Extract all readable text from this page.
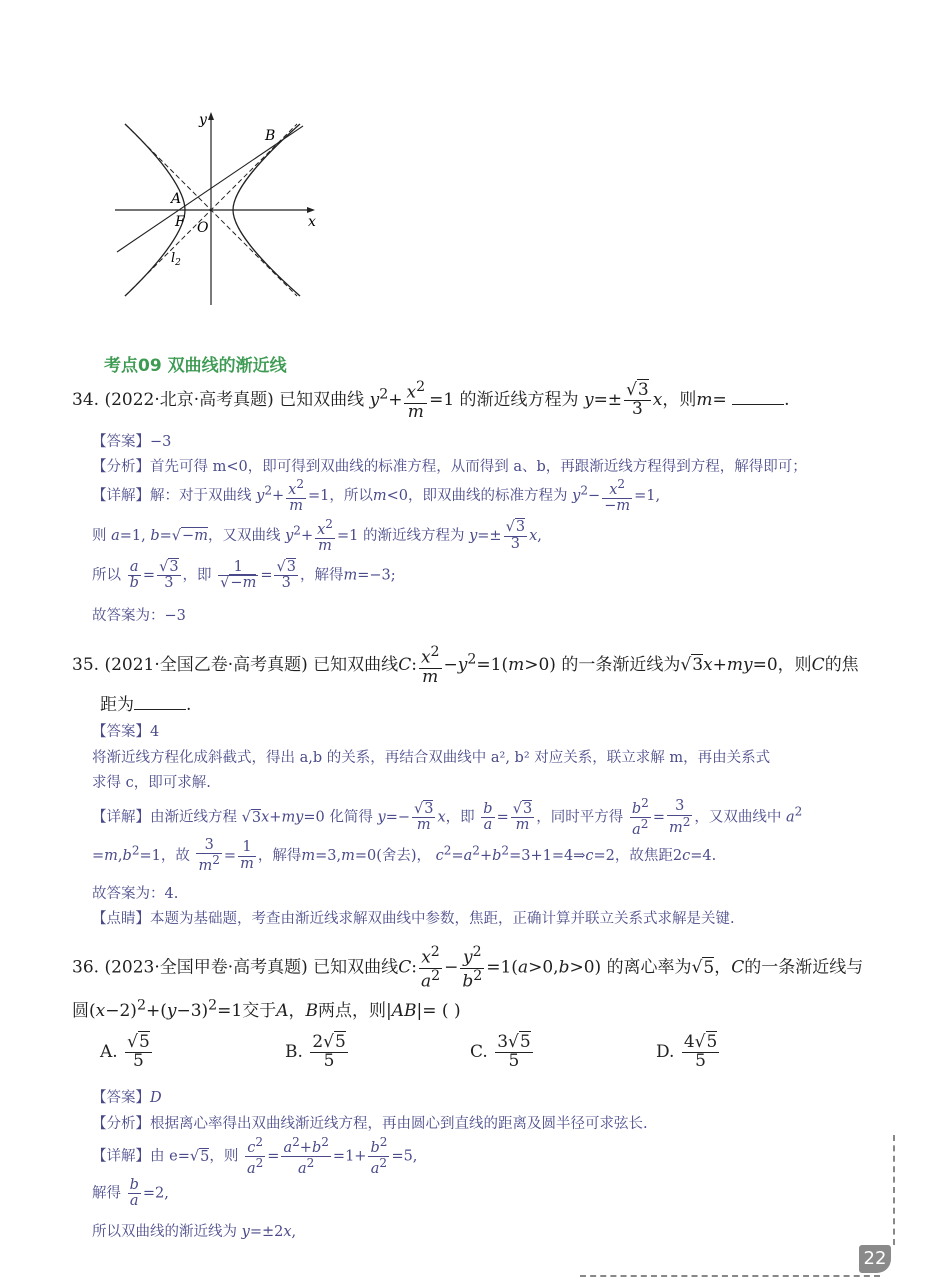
y
x
B
A
F O
$l_2$
考点09 双曲线的渐近线
34. (2022·北京·高考真题) 已知双曲线 $y^2+ \frac{x^2}{m} =1$ 的渐近线方程为 $y=\pm \frac{√3}{3}$ x，则m=	.
【答案】−3
【分析】首先可得 m<0，即可得到双曲线的标准方程，从而得到 a、b，再跟渐近线方程得到方程，解得即可；
【详解】解：对于双曲线 $y^2+ \frac{x^2}{m} =1$，所以m<0，即双曲线的标准方程为 $y^2- \frac{x^2}{-m} =1$,
则 a=1, b=√−m，又双曲线 $y^2+ \frac{x^2}{m} =1$ 的渐近线方程为 $y=\pm \frac{√3}{3} x$,
所以 $\frac{a}{b} = \frac{√3}{3}$ ，即 $\frac{1}{√-m} = \frac{√3}{3}$ ，解得m=−3;
故答案为：−3
35. (2021·全国乙卷·高考真题) 已知双曲线C: $\frac{x^2}{m} -y^2=1(m>0)$ 的一条渐近线为√3x+my=0，则C的焦
距为	.
【答案】4
将渐近线方程化成斜截式，得出 a,b 的关系，再结合双曲线中 a², b² 对应关系，联立求解 m，再由关系式
求得 c，即可求解.
【详解】由渐近线方程 √3x+my=0 化简得 $y=- \frac{√3}{m}$ x，即 $\frac{b}{a} = \frac{√3}{m}$ ，同时平方得 $\frac{b^2}{a^2} = \frac{3}{m^2}$ ，又双曲线中 $a^2$
$=m,b^2=1$，故 $\frac{3}{m^2} = \frac{1}{m}$ ，解得m=3,m=0(舍去)， $c^2=a^2+b^2=3+1=4\Rightarrow c=2$，故焦距2c=4.
故答案为：4.
【点睛】本题为基础题，考查由渐近线求解双曲线中参数，焦距，正确计算并联立关系式求解是关键.
36. (2023·全国甲卷·高考真题) 已知双曲线C: $\frac{x^2}{a^2} - \frac{y^2}{b^2} =1(a>0,b>0)$ 的离心率为√5，C的一条渐近线与
圆$(x-2)^2+(y-3)^2=1$交于A，B两点，则|AB|= ( )
A. $\frac{√5}{5}$	B. $\frac{2√5}{5}$	C. $\frac{3√5}{5}$	D. $\frac{4√5}{5}$
【答案】D
【分析】根据离心率得出双曲线渐近线方程，再由圆心到直线的距离及圆半径可求弦长.
【详解】由 e=√5，则 $\frac{c^2}{a^2} = \frac{a^2+b^2}{a^2} =1+ \frac{b^2}{a^2} =5$,
解得 $\frac{b}{a} =2$,
所以双曲线的渐近线为 y=±2x,
22
